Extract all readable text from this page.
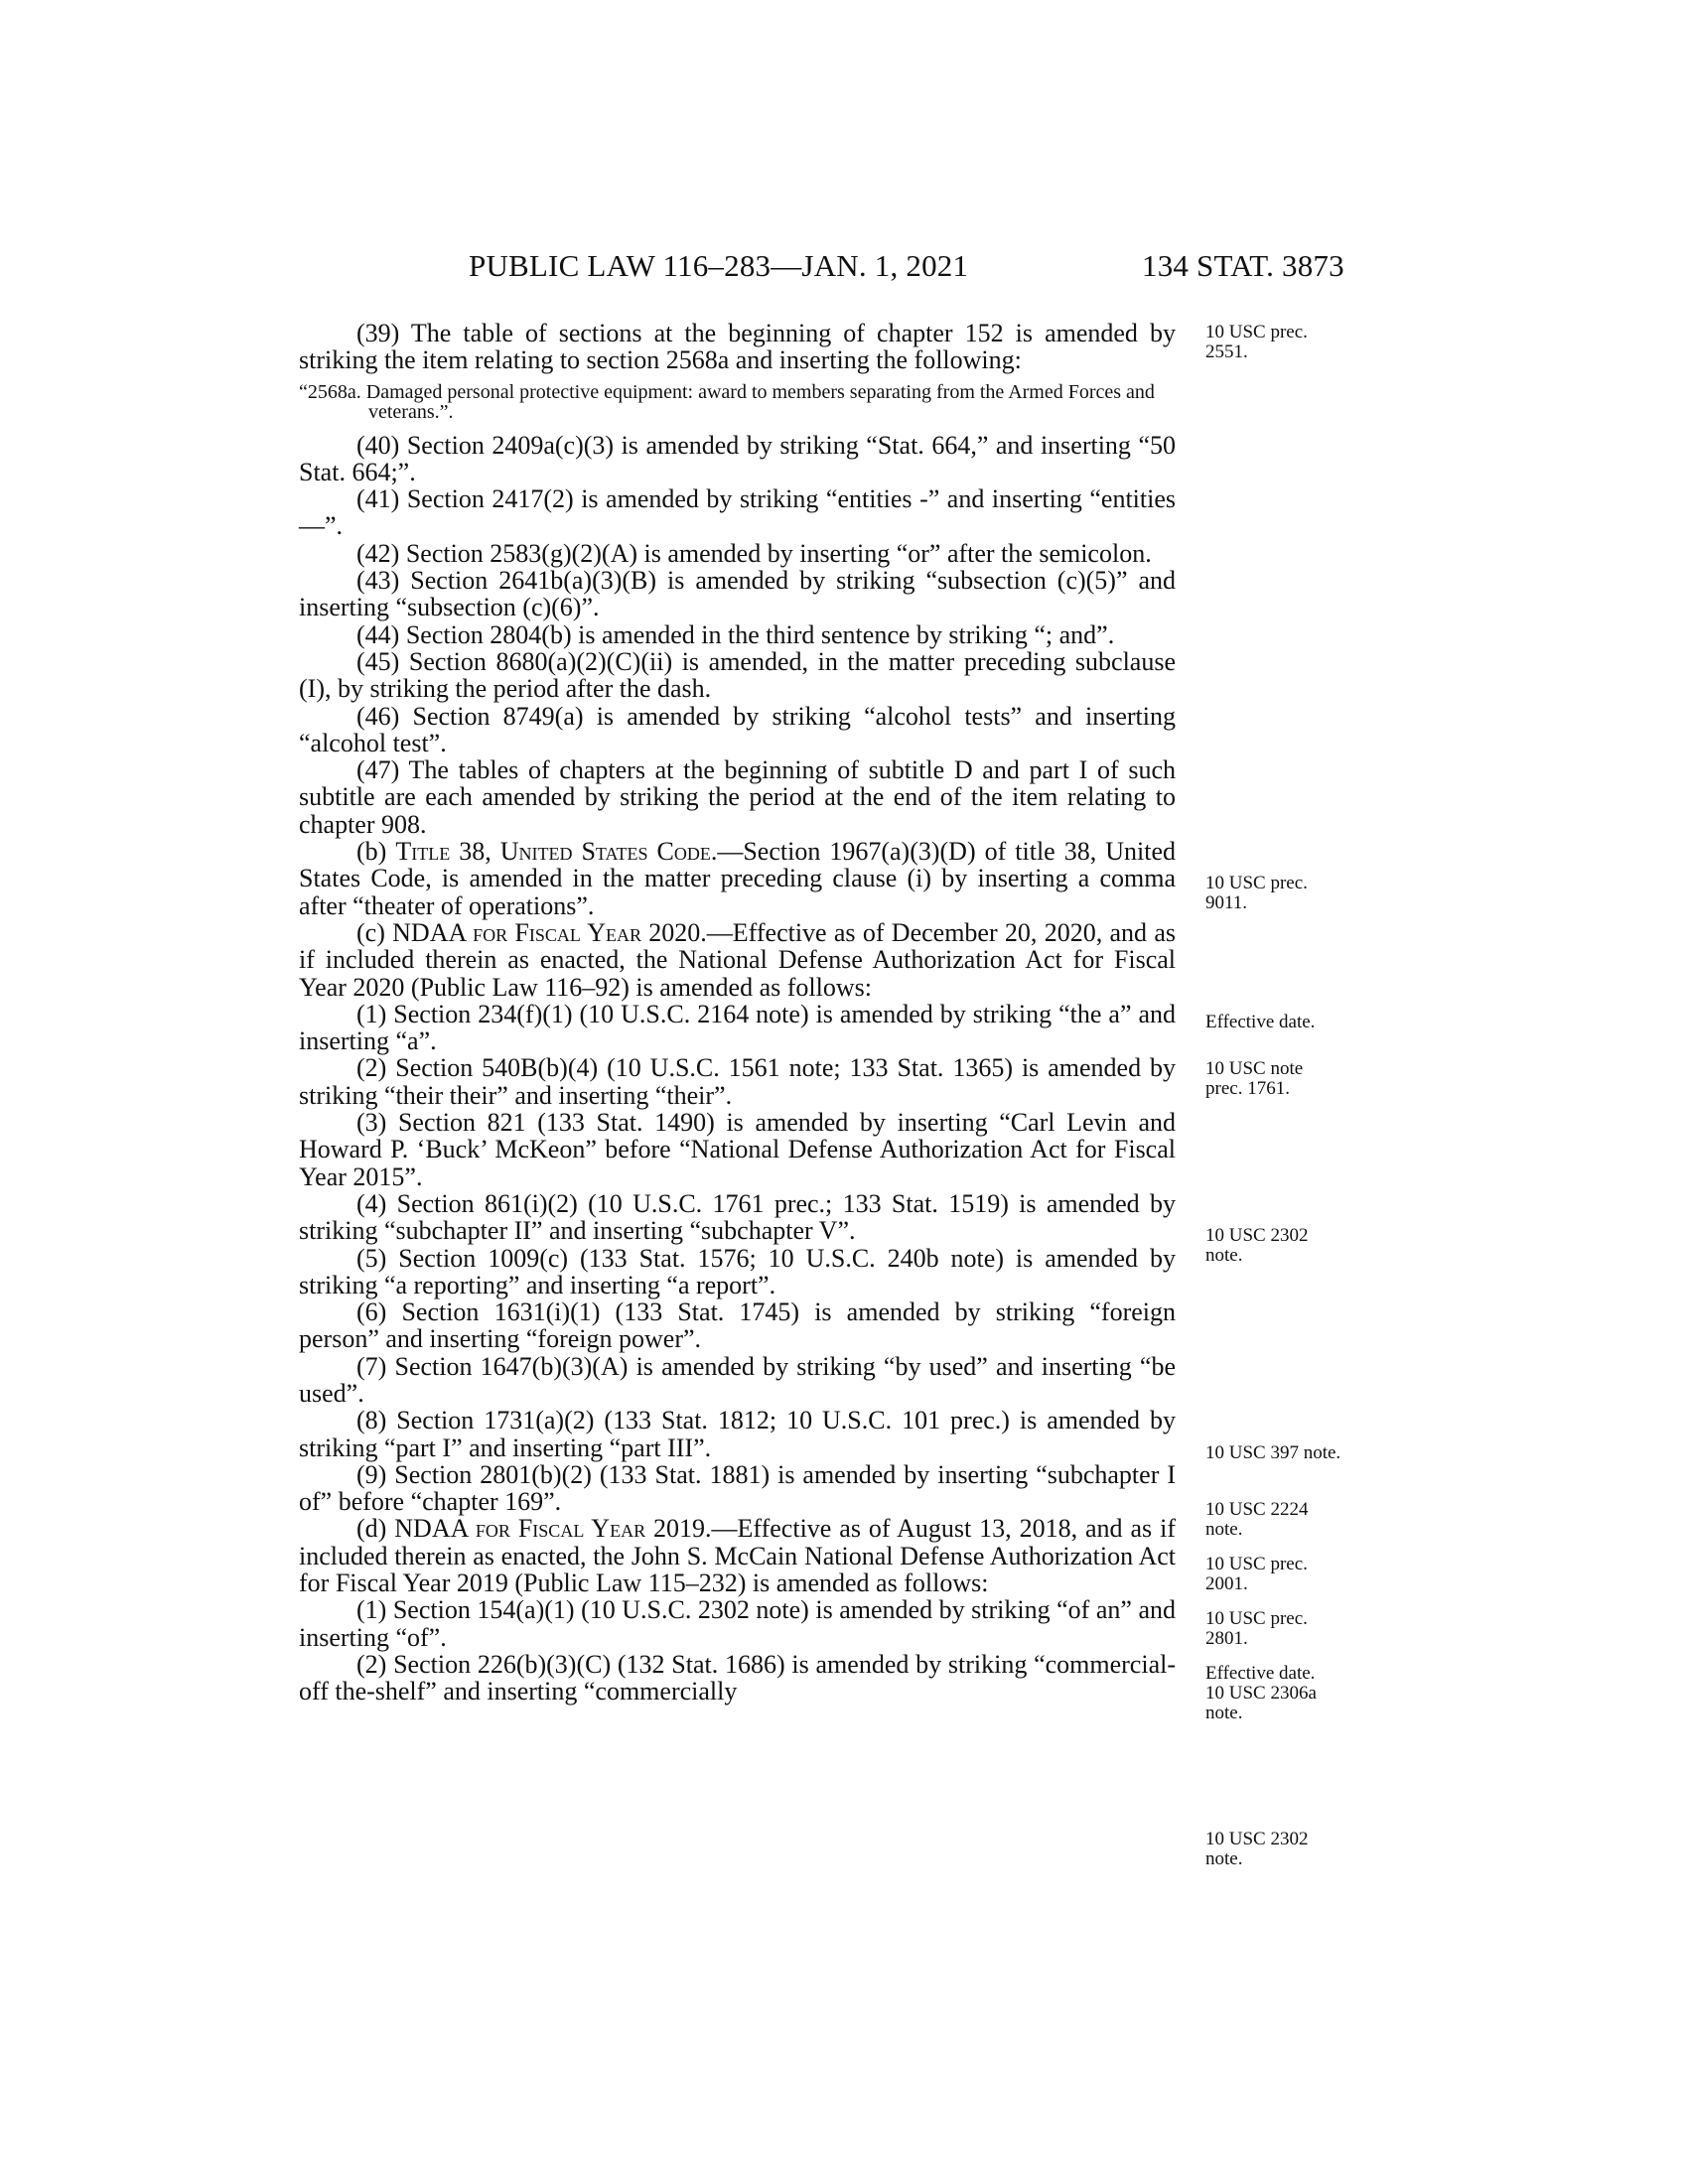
PUBLIC LAW 116–283—JAN. 1, 2021	134 STAT. 3873

(39) The table of sections at the beginning of chapter 152 is amended by striking the item relating to section 2568a and inserting the following:

“2568a. Damaged personal protective equipment: award to members separating from the Armed Forces and veterans.”.

(40) Section 2409a(c)(3) is amended by striking “Stat. 664,” and inserting “50 Stat. 664;”.

(41) Section 2417(2) is amended by striking “entities -” and inserting “entities—”.

(42) Section 2583(g)(2)(A) is amended by inserting “or” after the semicolon.

(43) Section 2641b(a)(3)(B) is amended by striking “subsection (c)(5)” and inserting “subsection (c)(6)”.

(44) Section 2804(b) is amended in the third sentence by striking “; and”.

(45) Section 8680(a)(2)(C)(ii) is amended, in the matter preceding subclause (I), by striking the period after the dash.

(46) Section 8749(a) is amended by striking “alcohol tests” and inserting “alcohol test”.

(47) The tables of chapters at the beginning of subtitle D and part I of such subtitle are each amended by striking the period at the end of the item relating to chapter 908.

(b) Title 38, United States Code.—Section 1967(a)(3)(D) of title 38, United States Code, is amended in the matter preceding clause (i) by inserting a comma after “theater of operations”.

(c) NDAA for Fiscal Year 2020.—Effective as of December 20, 2020, and as if included therein as enacted, the National Defense Authorization Act for Fiscal Year 2020 (Public Law 116–92) is amended as follows:

(1) Section 234(f)(1) (10 U.S.C. 2164 note) is amended by striking “the a” and inserting “a”.

(2) Section 540B(b)(4) (10 U.S.C. 1561 note; 133 Stat. 1365) is amended by striking “their their” and inserting “their”.

(3) Section 821 (133 Stat. 1490) is amended by inserting “Carl Levin and Howard P. ‘Buck’ McKeon” before “National Defense Authorization Act for Fiscal Year 2015”.

(4) Section 861(i)(2) (10 U.S.C. 1761 prec.; 133 Stat. 1519) is amended by striking “subchapter II” and inserting “subchapter V”.

(5) Section 1009(c) (133 Stat. 1576; 10 U.S.C. 240b note) is amended by striking “a reporting” and inserting “a report”.

(6) Section 1631(i)(1) (133 Stat. 1745) is amended by striking “foreign person” and inserting “foreign power”.

(7) Section 1647(b)(3)(A) is amended by striking “by used” and inserting “be used”.

(8) Section 1731(a)(2) (133 Stat. 1812; 10 U.S.C. 101 prec.) is amended by striking “part I” and inserting “part III”.

(9) Section 2801(b)(2) (133 Stat. 1881) is amended by inserting “subchapter I of” before “chapter 169”.

(d) NDAA for Fiscal Year 2019.—Effective as of August 13, 2018, and as if included therein as enacted, the John S. McCain National Defense Authorization Act for Fiscal Year 2019 (Public Law 115–232) is amended as follows:

(1) Section 154(a)(1) (10 U.S.C. 2302 note) is amended by striking “of an” and inserting “of”.

(2) Section 226(b)(3)(C) (132 Stat. 1686) is amended by striking “commercial-off the-shelf” and inserting “commercially

10 USC prec. 2551.
10 USC prec. 9011.
Effective date.
10 USC note prec. 1761.
10 USC 2302 note.
10 USC 397 note.
10 USC 2224 note.
10 USC prec. 2001.
10 USC prec. 2801.
Effective date.
10 USC 2306a note.
10 USC 2302 note.
